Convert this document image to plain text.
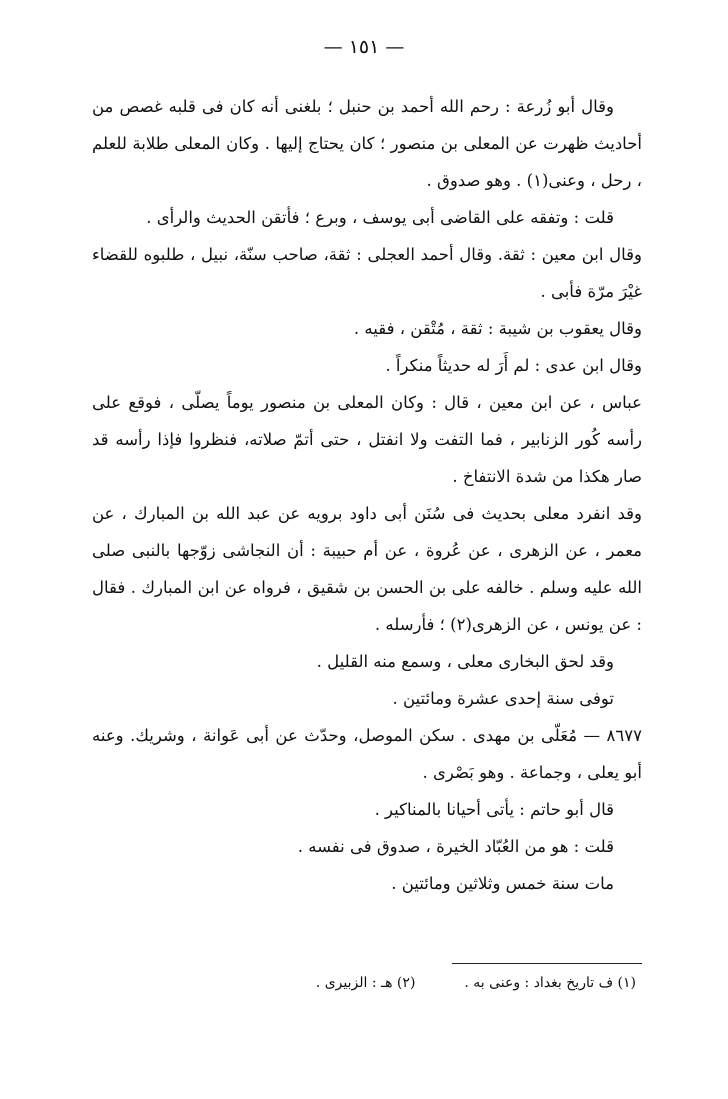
— ١٥١ —

وقال أبو زُرعة : رحم الله أحمد بن حنبل ؛ بلغنى أنه كان فى قلبه غصص من أحاديث ظهرت عن المعلى بن منصور ؛ كان يحتاج إليها . وكان المعلى طلابة للعلم ، رحل ، وعنى(١) . وهو صدوق .

قلت : وتفقه على القاضى أبى يوسف ، وبرع ؛ فأتقن الحديث والرأى .

وقال ابن معين : ثقة. وقال أحمد العجلى : ثقة، صاحب سنّة، نبيل ، طلبوه للقضاء غيْرَ مرّة فأبى .

وقال يعقوب بن شيبة : ثقة ، مُتْقن ، فقيه .

وقال ابن عدى : لم أَرَ له حديثاً منكراً .

عباس ، عن ابن معين ، قال : وكان المعلى بن منصور يوماً يصلّى ، فوقع على رأسه كُور الزنابير ، فما التفت ولا انفتل ، حتى أتمّ صلاته، فنظروا فإذا رأسه قد صار هكذا من شدة الانتفاخ .

وقد انفرد معلى بحديث فى سُنَن أبى داود برويه عن عبد الله بن المبارك ، عن معمر ، عن الزهرى ، عن عُروة ، عن أم حبيبة : أن النجاشى زوّجها بالنبى صلى الله عليه وسلم . خالفه على بن الحسن بن شقيق ، فرواه عن ابن المبارك . فقال : عن يونس ، عن الزهرى(٢) ؛ فأرسله .

وقد لحق البخارى معلى ، وسمع منه القليل .

توفى سنة إحدى عشرة ومائتين .

٨٦٧٧ — مُعَلّى بن مهدى . سكن الموصل، وحدّث عن أبى عَوانة ، وشريك. وعنه أبو يعلى ، وجماعة . وهو بَصْرى .

قال أبو حاتم : يأتى أحيانا بالمناكير .

قلت : هو من العُبّاد الخيرة ، صدوق فى نفسه .

مات سنة خمس وثلاثين ومائتين .

(١) ف تاريخ بغداد : وعنى به .  (٢) هـ : الزبيرى .
